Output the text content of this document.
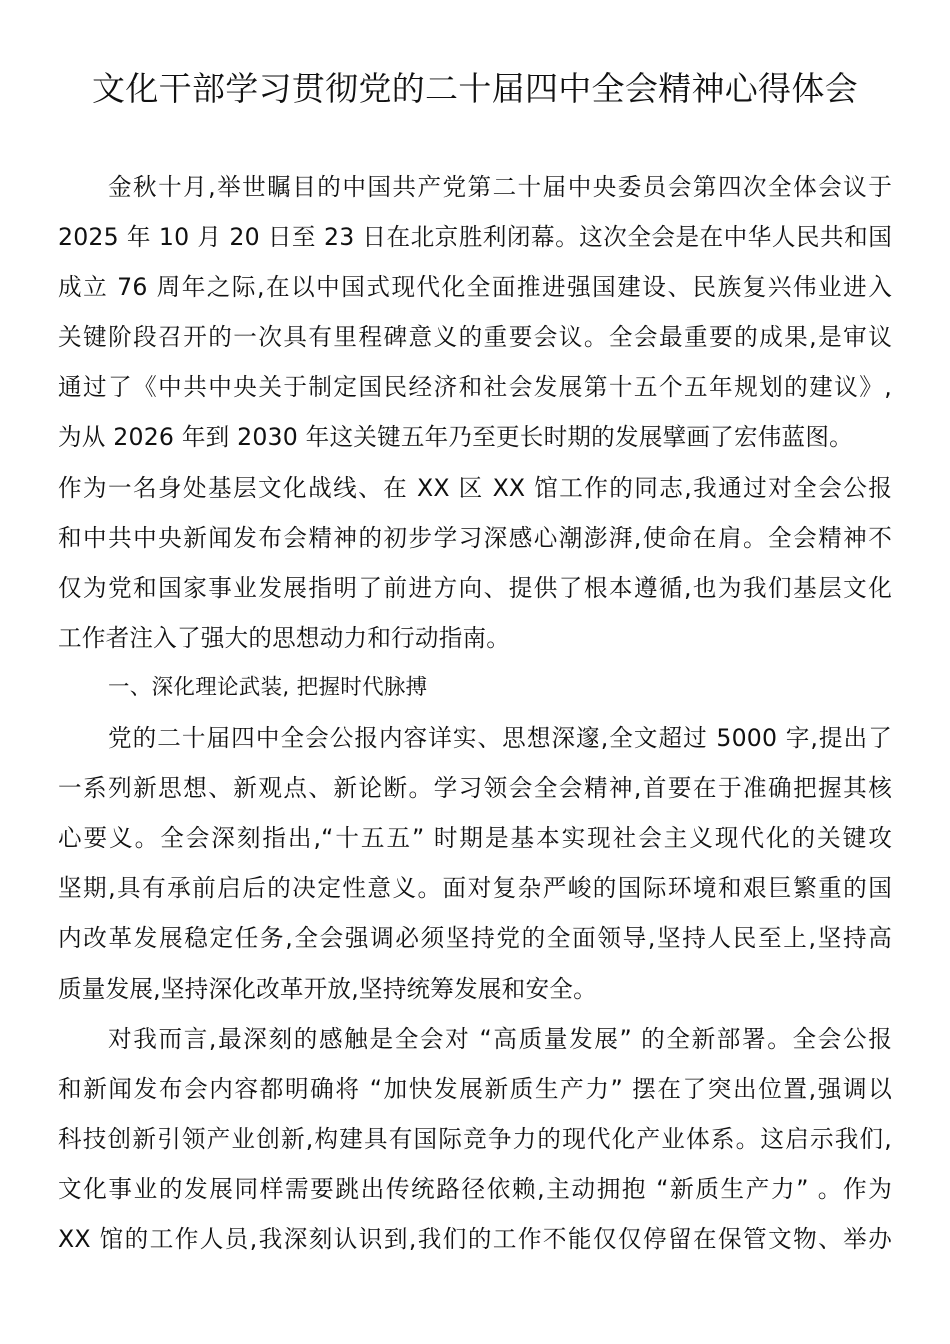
文化干部学习贯彻党的二十届四中全会精神心得体会
金秋十月,举世瞩目的中国共产党第二十届中央委员会第四次全体会议于
2025 年 10 月 20 日至 23 日在北京胜利闭幕。这次全会是在中华人民共和国
成立 76 周年之际,在以中国式现代化全面推进强国建设、民族复兴伟业进入
关键阶段召开的一次具有里程碑意义的重要会议。全会最重要的成果,是审议
通过了《中共中央关于制定国民经济和社会发展第十五个五年规划的建议》,
为从 2026 年到 2030 年这关键五年乃至更长时期的发展擘画了宏伟蓝图。
作为一名身处基层文化战线、在 XX 区 XX 馆工作的同志,我通过对全会公报
和中共中央新闻发布会精神的初步学习深感心潮澎湃,使命在肩。全会精神不
仅为党和国家事业发展指明了前进方向、提供了根本遵循,也为我们基层文化
工作者注入了强大的思想动力和行动指南。
一、深化理论武装, 把握时代脉搏
党的二十届四中全会公报内容详实、思想深邃,全文超过 5000 字,提出了
一系列新思想、新观点、新论断。学习领会全会精神,首要在于准确把握其核
心要义。全会深刻指出,“十五五” 时期是基本实现社会主义现代化的关键攻
坚期,具有承前启后的决定性意义。面对复杂严峻的国际环境和艰巨繁重的国
内改革发展稳定任务,全会强调必须坚持党的全面领导,坚持人民至上,坚持高
质量发展,坚持深化改革开放,坚持统筹发展和安全。
对我而言,最深刻的感触是全会对 “高质量发展” 的全新部署。全会公报
和新闻发布会内容都明确将 “加快发展新质生产力” 摆在了突出位置,强调以
科技创新引领产业创新,构建具有国际竞争力的现代化产业体系。这启示我们,
文化事业的发展同样需要跳出传统路径依赖,主动拥抱 “新质生产力” 。作为
XX 馆的工作人员,我深刻认识到,我们的工作不能仅仅停留在保管文物、举办
